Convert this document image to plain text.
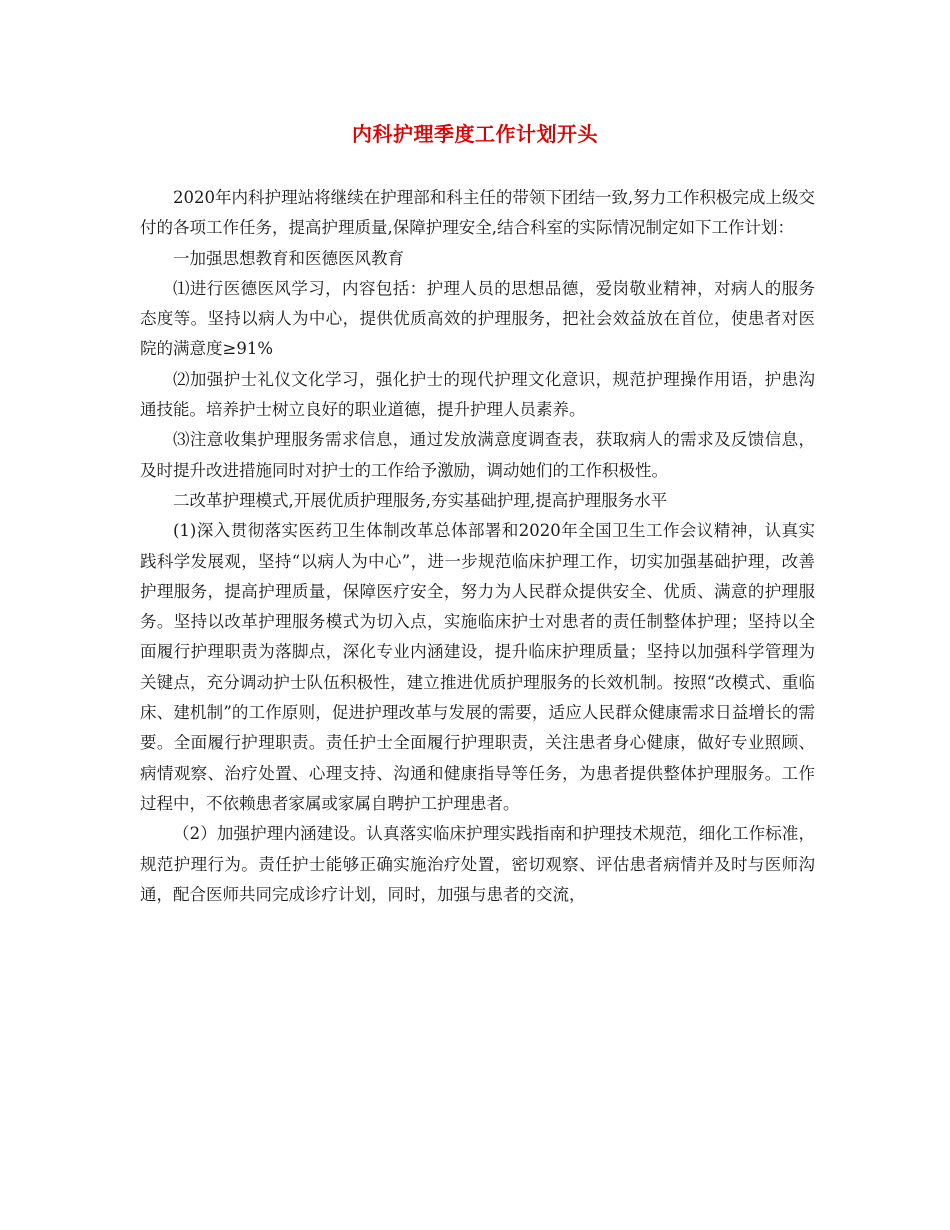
内科护理季度工作计划开头

2020年内科护理站将继续在护理部和科主任的带领下团结一致,努力工作积极完成上级交付的各项工作任务，提高护理质量,保障护理安全,结合科室的实际情况制定如下工作计划：

一加强思想教育和医德医风教育

⑴进行医德医风学习，内容包括：护理人员的思想品德，爱岗敬业精神，对病人的服务态度等。坚持以病人为中心，提供优质高效的护理服务，把社会效益放在首位，使患者对医院的满意度≥91%

⑵加强护士礼仪文化学习，强化护士的现代护理文化意识，规范护理操作用语，护患沟通技能。培养护士树立良好的职业道德，提升护理人员素养。

⑶注意收集护理服务需求信息，通过发放满意度调查表，获取病人的需求及反馈信息，及时提升改进措施同时对护士的工作给予激励，调动她们的工作积极性。

二改革护理模式,开展优质护理服务,夯实基础护理,提高护理服务水平

(1)深入贯彻落实医药卫生体制改革总体部署和2020年全国卫生工作会议精神，认真实践科学发展观，坚持“以病人为中心”，进一步规范临床护理工作，切实加强基础护理，改善护理服务，提高护理质量，保障医疗安全，努力为人民群众提供安全、优质、满意的护理服务。坚持以改革护理服务模式为切入点，实施临床护士对患者的责任制整体护理；坚持以全面履行护理职责为落脚点，深化专业内涵建设，提升临床护理质量；坚持以加强科学管理为关键点，充分调动护士队伍积极性，建立推进优质护理服务的长效机制。按照“改模式、重临床、建机制”的工作原则，促进护理改革与发展的需要，适应人民群众健康需求日益增长的需要。全面履行护理职责。责任护士全面履行护理职责，关注患者身心健康，做好专业照顾、病情观察、治疗处置、心理支持、沟通和健康指导等任务，为患者提供整体护理服务。工作过程中，不依赖患者家属或家属自聘护工护理患者。

（2）加强护理内涵建设。认真落实临床护理实践指南和护理技术规范，细化工作标准，规范护理行为。责任护士能够正确实施治疗处置，密切观察、评估患者病情并及时与医师沟通，配合医师共同完成诊疗计划，同时，加强与患者的交流，
